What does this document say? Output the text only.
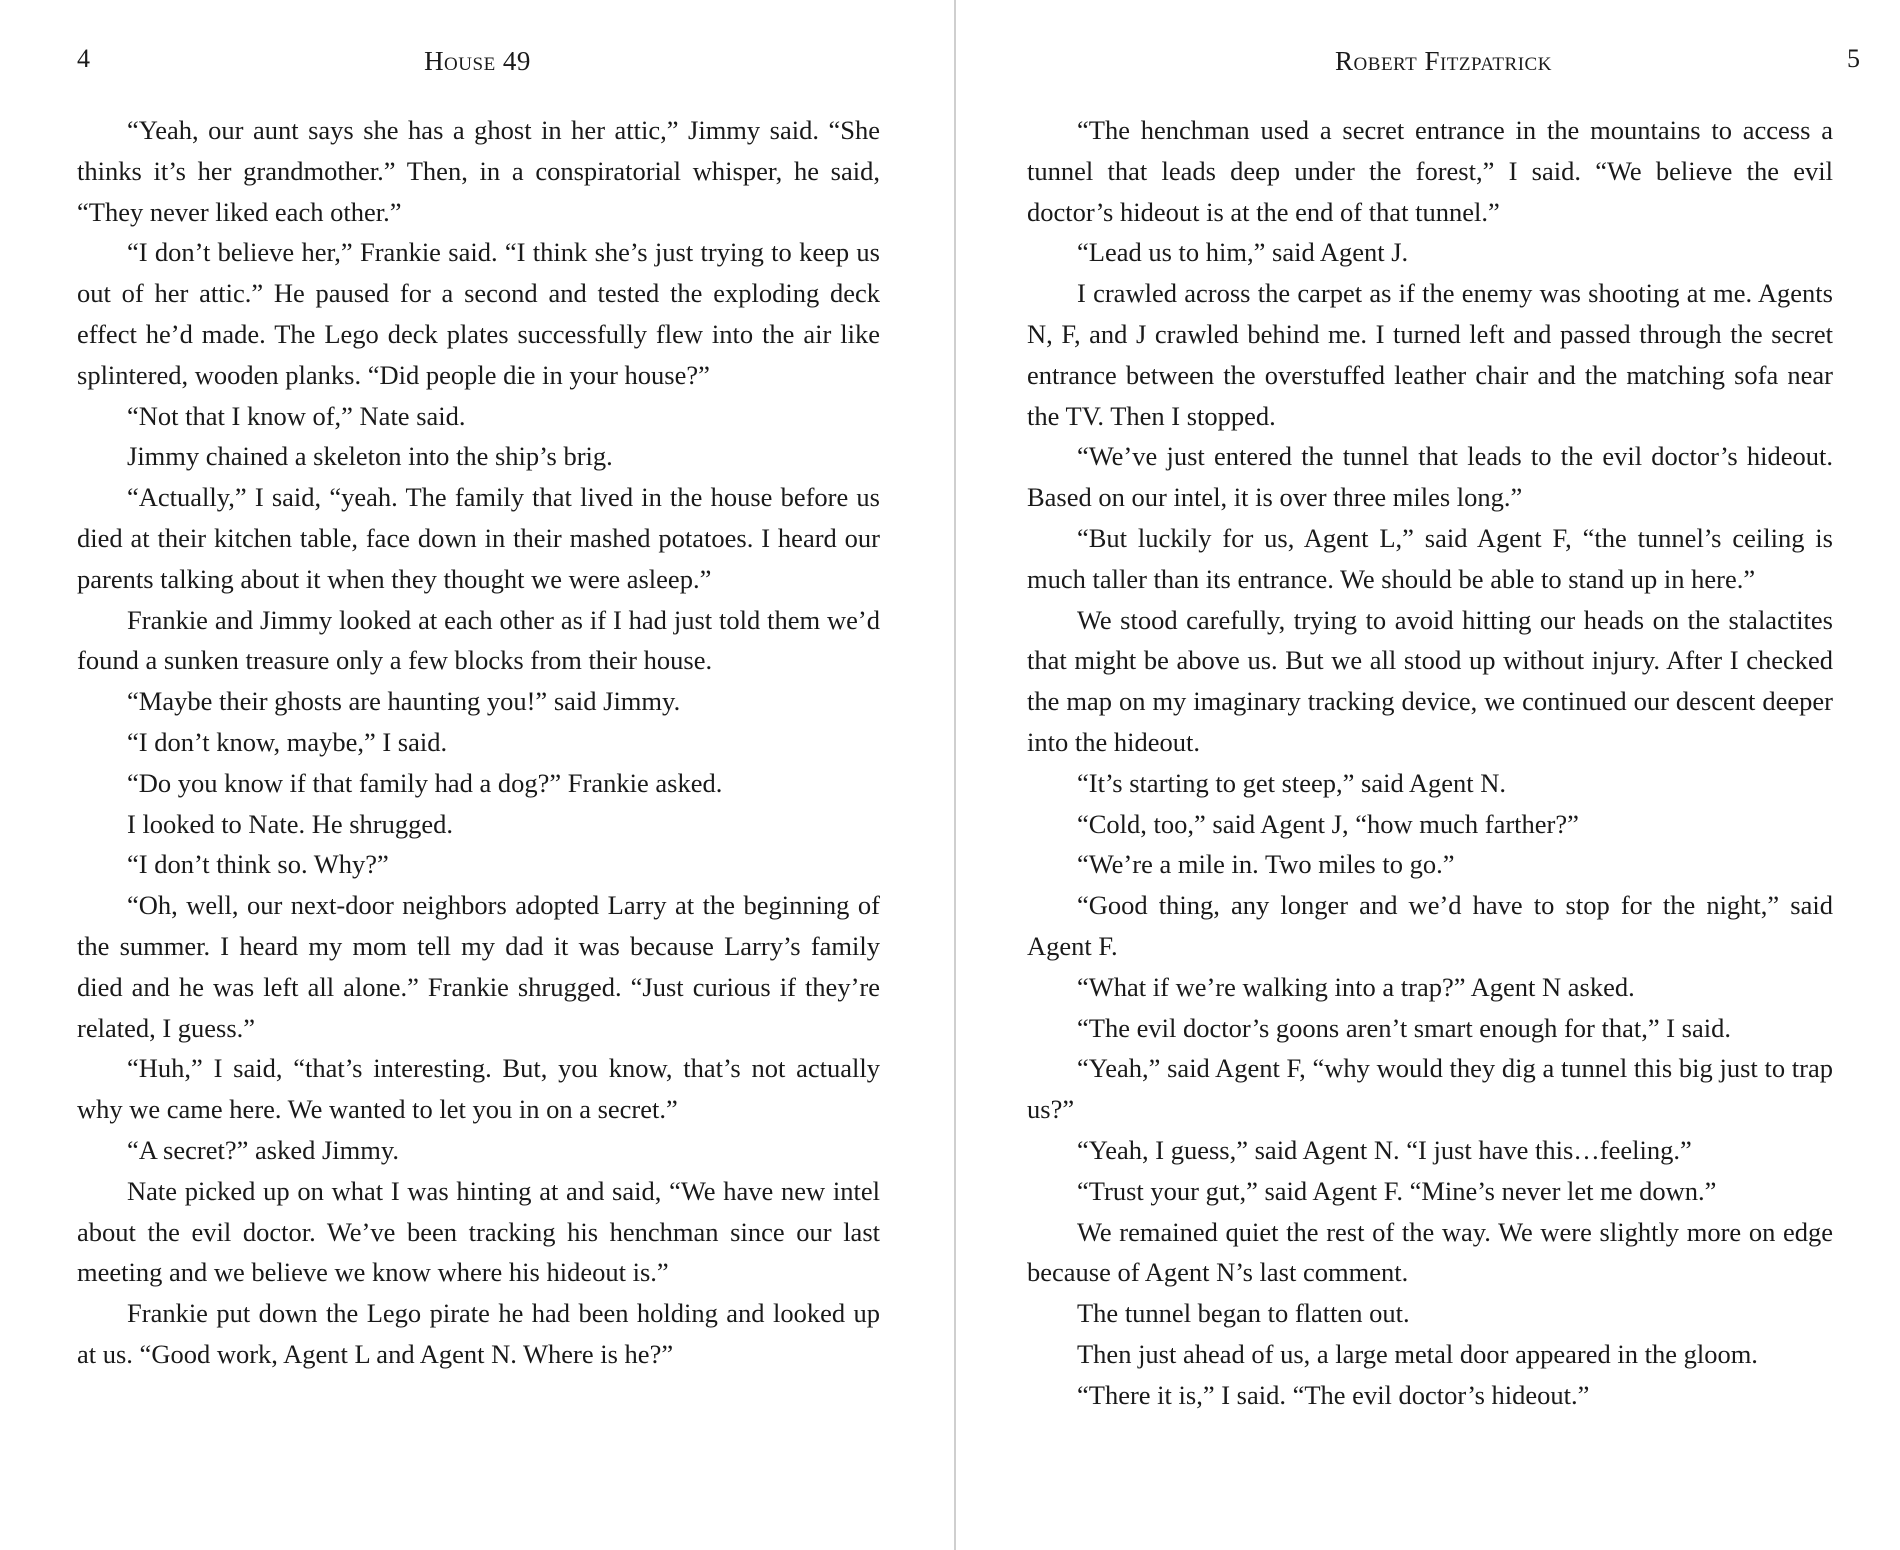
4	House 49

“Yeah, our aunt says she has a ghost in her attic,” Jimmy said. “She thinks it’s her grandmother.” Then, in a conspiratorial whisper, he said, “They never liked each other.”

“I don’t believe her,” Frankie said. “I think she’s just trying to keep us out of her attic.” He paused for a second and tested the exploding deck effect he’d made. The Lego deck plates successfully flew into the air like splintered, wooden planks. “Did people die in your house?”

“Not that I know of,” Nate said.

Jimmy chained a skeleton into the ship’s brig.

“Actually,” I said, “yeah. The family that lived in the house before us died at their kitchen table, face down in their mashed potatoes. I heard our parents talking about it when they thought we were asleep.”

Frankie and Jimmy looked at each other as if I had just told them we’d found a sunken treasure only a few blocks from their house.

“Maybe their ghosts are haunting you!” said Jimmy.

“I don’t know, maybe,” I said.

“Do you know if that family had a dog?” Frankie asked.

I looked to Nate. He shrugged.

“I don’t think so. Why?”

“Oh, well, our next-door neighbors adopted Larry at the beginning of the summer. I heard my mom tell my dad it was because Larry’s family died and he was left all alone.” Frankie shrugged. “Just curious if they’re related, I guess.”

“Huh,” I said, “that’s interesting. But, you know, that’s not actually why we came here. We wanted to let you in on a secret.”

“A secret?” asked Jimmy.

Nate picked up on what I was hinting at and said, “We have new intel about the evil doctor. We’ve been tracking his henchman since our last meeting and we believe we know where his hideout is.”

Frankie put down the Lego pirate he had been holding and looked up at us. “Good work, Agent L and Agent N. Where is he?”

Robert Fitzpatrick	5

“The henchman used a secret entrance in the mountains to access a tunnel that leads deep under the forest,” I said. “We believe the evil doctor’s hideout is at the end of that tunnel.”

“Lead us to him,” said Agent J.

I crawled across the carpet as if the enemy was shooting at me. Agents N, F, and J crawled behind me. I turned left and passed through the secret entrance between the overstuffed leather chair and the matching sofa near the TV. Then I stopped.

“We’ve just entered the tunnel that leads to the evil doctor’s hideout. Based on our intel, it is over three miles long.”

“But luckily for us, Agent L,” said Agent F, “the tunnel’s ceiling is much taller than its entrance. We should be able to stand up in here.”

We stood carefully, trying to avoid hitting our heads on the stalactites that might be above us. But we all stood up without injury. After I checked the map on my imaginary tracking device, we continued our descent deeper into the hideout.

“It’s starting to get steep,” said Agent N.

“Cold, too,” said Agent J, “how much farther?”

“We’re a mile in. Two miles to go.”

“Good thing, any longer and we’d have to stop for the night,” said Agent F.

“What if we’re walking into a trap?” Agent N asked.

“The evil doctor’s goons aren’t smart enough for that,” I said.

“Yeah,” said Agent F, “why would they dig a tunnel this big just to trap us?”

“Yeah, I guess,” said Agent N. “I just have this…feeling.”

“Trust your gut,” said Agent F. “Mine’s never let me down.”

We remained quiet the rest of the way. We were slightly more on edge because of Agent N’s last comment.

The tunnel began to flatten out.

Then just ahead of us, a large metal door appeared in the gloom.

“There it is,” I said. “The evil doctor’s hideout.”
